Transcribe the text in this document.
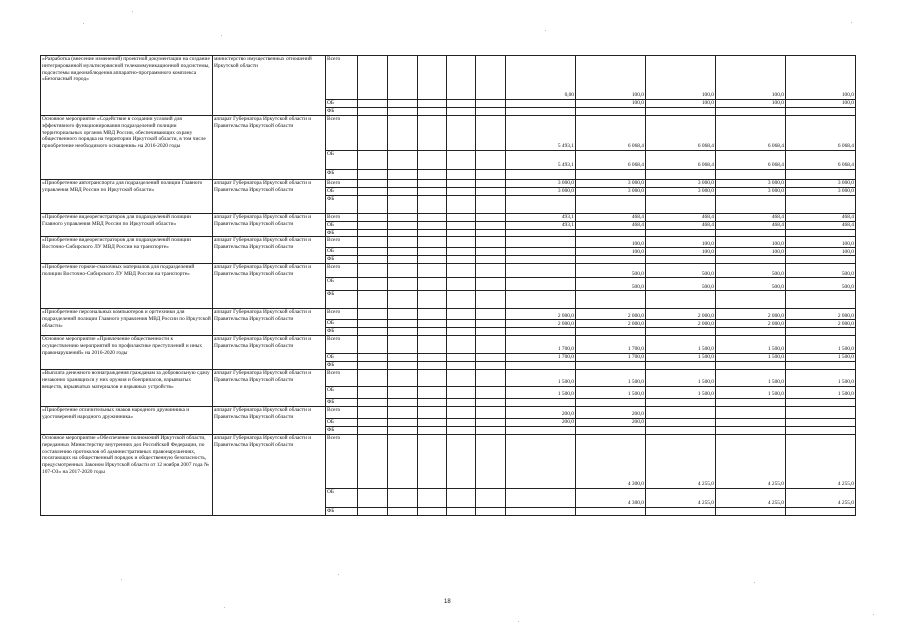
«Разработка (внесение изменений) проектной документации на создание интегрированной мультисервисной телекоммуникационной подсистемы, подсистемы видеонаблюдения аппаратно-программного комплекса «Безопасный город»	министерство имущественных отношений Иркутской области	Всего						0,00	100,0	100,0	100,0	100,0
		ОБ							100,0	100,0	100,0	100,0
		ФБ										
Основное мероприятие «Содействие в создании условий для эффективного функционирования подразделений полиции территориальных органов МВД России, обеспечивающих охрану общественного порядка на территории Иркутской области, в том числе приобретение необходимого оснащения» на 2016-2020 годы	аппарат Губернатора Иркутской области и Правительства Иркутской области	Всего						5 493,1	6 068,4	6 068,4	6 068,4	6 068,4
		ОБ						5 493,1	6 068,4	6 068,4	6 068,4	6 068,4
		ФБ										
«Приобретение автотранспорта для подразделений полиции Главного управления МВД России по Иркутской области»	аппарат Губернатора Иркутской области и Правительства Иркутской области	Всего						3 000,0	3 000,0	3 000,0	3 000,0	3 000,0
		ОБ						3 000,0	3 000,0	3 000,0	3 000,0	3 000,0
		ФБ										
«Приобретение видеорегистраторов для подразделений полиции Главного управления МВД России по Иркутской области»	аппарат Губернатора Иркутской области и Правительства Иркутской области	Всего						493,1	468,4	468,4	468,4	468,4
		ОБ						493,1	468,4	468,4	468,4	468,4
		ФБ										
«Приобретение видеорегистраторов для подразделений полиции Восточно-Сибирского ЛУ МВД России на транспорте»	аппарат Губернатора Иркутской области и Правительства Иркутской области	Всего							100,0	100,0	100,0	100,0
		ОБ							100,0	100,0	100,0	100,0
		ФБ										
«Приобретение горюче-смазочных материалов для подразделений полиции Восточно-Сибирского ЛУ МВД России на транспорте»	аппарат Губернатора Иркутской области и Правительства Иркутской области	Всего							500,0	500,0	500,0	500,0
		ОБ							500,0	500,0	500,0	500,0
		ФБ										
«Приобретение персональных компьютеров и оргтехники для подразделений полиции Главного управления МВД России по Иркутской области»	аппарат Губернатора Иркутской области и Правительства Иркутской области	Всего						2 000,0	2 000,0	2 000,0	2 000,0	2 000,0
		ОБ						2 000,0	2 000,0	2 000,0	2 000,0	2 000,0
		ФБ										
Основное мероприятие «Привлечение общественности к осуществлению мероприятий по профилактике преступлений и иных правонарушений» на 2016-2020 годы	аппарат Губернатора Иркутской области и Правительства Иркутской области	Всего						1 700,0	1 700,0	1 500,0	1 500,0	1 500,0
		ОБ						1 700,0	1 700,0	1 500,0	1 500,0	1 500,0
		ФБ										
«Выплата денежного вознаграждения гражданам за добровольную сдачу незаконно хранящихся у них оружия и боеприпасов, взрывчатых веществ, взрывчатых материалов и взрывных устройств»	аппарат Губернатора Иркутской области и Правительства Иркутской области	Всего						1 500,0	1 500,0	1 500,0	1 500,0	1 500,0
		ОБ						1 500,0	1 500,0	1 500,0	1 500,0	1 500,0
		ФБ										
«Приобретение отличительных знаков народного дружинника и удостоверений народного дружинника»	аппарат Губернатора Иркутской области и Правительства Иркутской области	Всего						200,0	200,0			
		ОБ						200,0	200,0			
		ФБ										
Основное мероприятие «Обеспечение полномочий Иркутской области, переданных Министерству внутренних дел Российской Федерации, по составлению протоколов об административных правонарушениях, посягающих на общественный порядок и общественную безопасность, предусмотренных Законом Иркутской области от 12 ноября 2007 года № 107-ОЗ» на 2017-2020 годы	аппарат Губернатора Иркутской области и Правительства Иркутской области	Всего							4 300,0	4 255,0	4 255,0	4 255,0
		ОБ							4 300,0	4 255,0	4 255,0	4 255,0
		ФБ										
18
